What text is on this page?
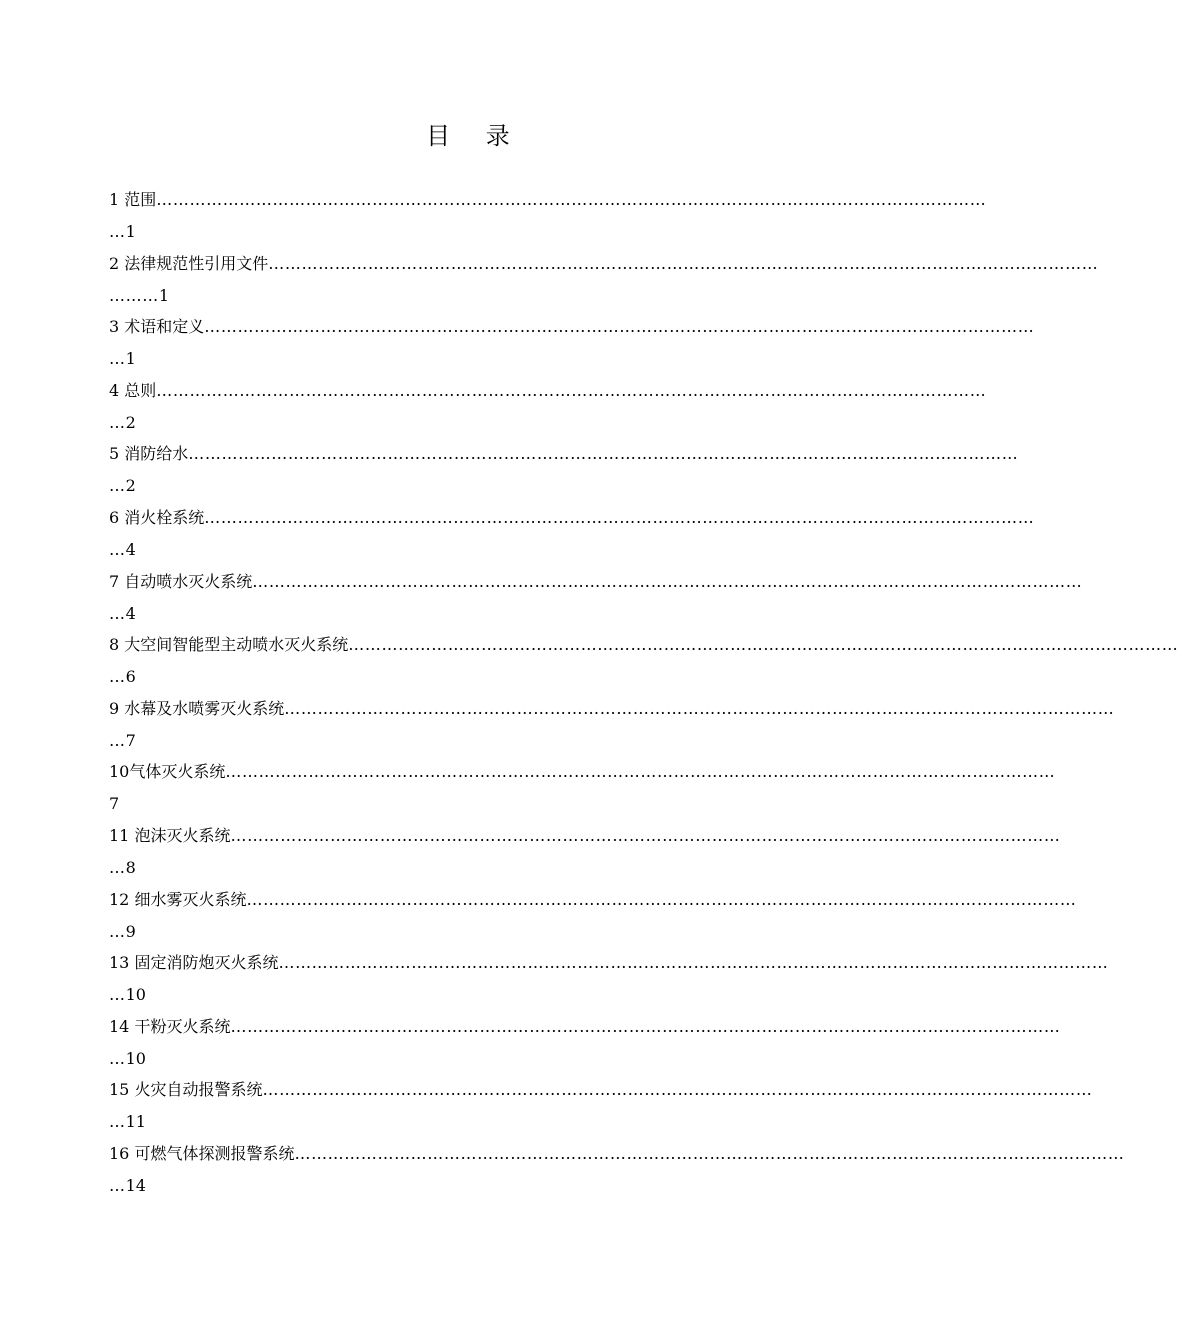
目 录
1 范围……………………………………………………………………………………………………………………………………
…1
2 法律规范性引用文件……………………………………………………………………………………………………………………………………
………1
3 术语和定义……………………………………………………………………………………………………………………………………
…1
4 总则……………………………………………………………………………………………………………………………………
…2
5 消防给水……………………………………………………………………………………………………………………………………
…2
6 消火栓系统……………………………………………………………………………………………………………………………………
…4
7 自动喷水灭火系统……………………………………………………………………………………………………………………………………
…4
8 大空间智能型主动喷水灭火系统……………………………………………………………………………………………………………………………………
…6
9 水幕及水喷雾灭火系统……………………………………………………………………………………………………………………………………
…7
10气体灭火系统……………………………………………………………………………………………………………………………………
7
11 泡沫灭火系统……………………………………………………………………………………………………………………………………
…8
12 细水雾灭火系统……………………………………………………………………………………………………………………………………
…9
13 固定消防炮灭火系统……………………………………………………………………………………………………………………………………
…10
14 干粉灭火系统……………………………………………………………………………………………………………………………………
…10
15 火灾自动报警系统……………………………………………………………………………………………………………………………………
…11
16 可燃气体探测报警系统……………………………………………………………………………………………………………………………………
…14
